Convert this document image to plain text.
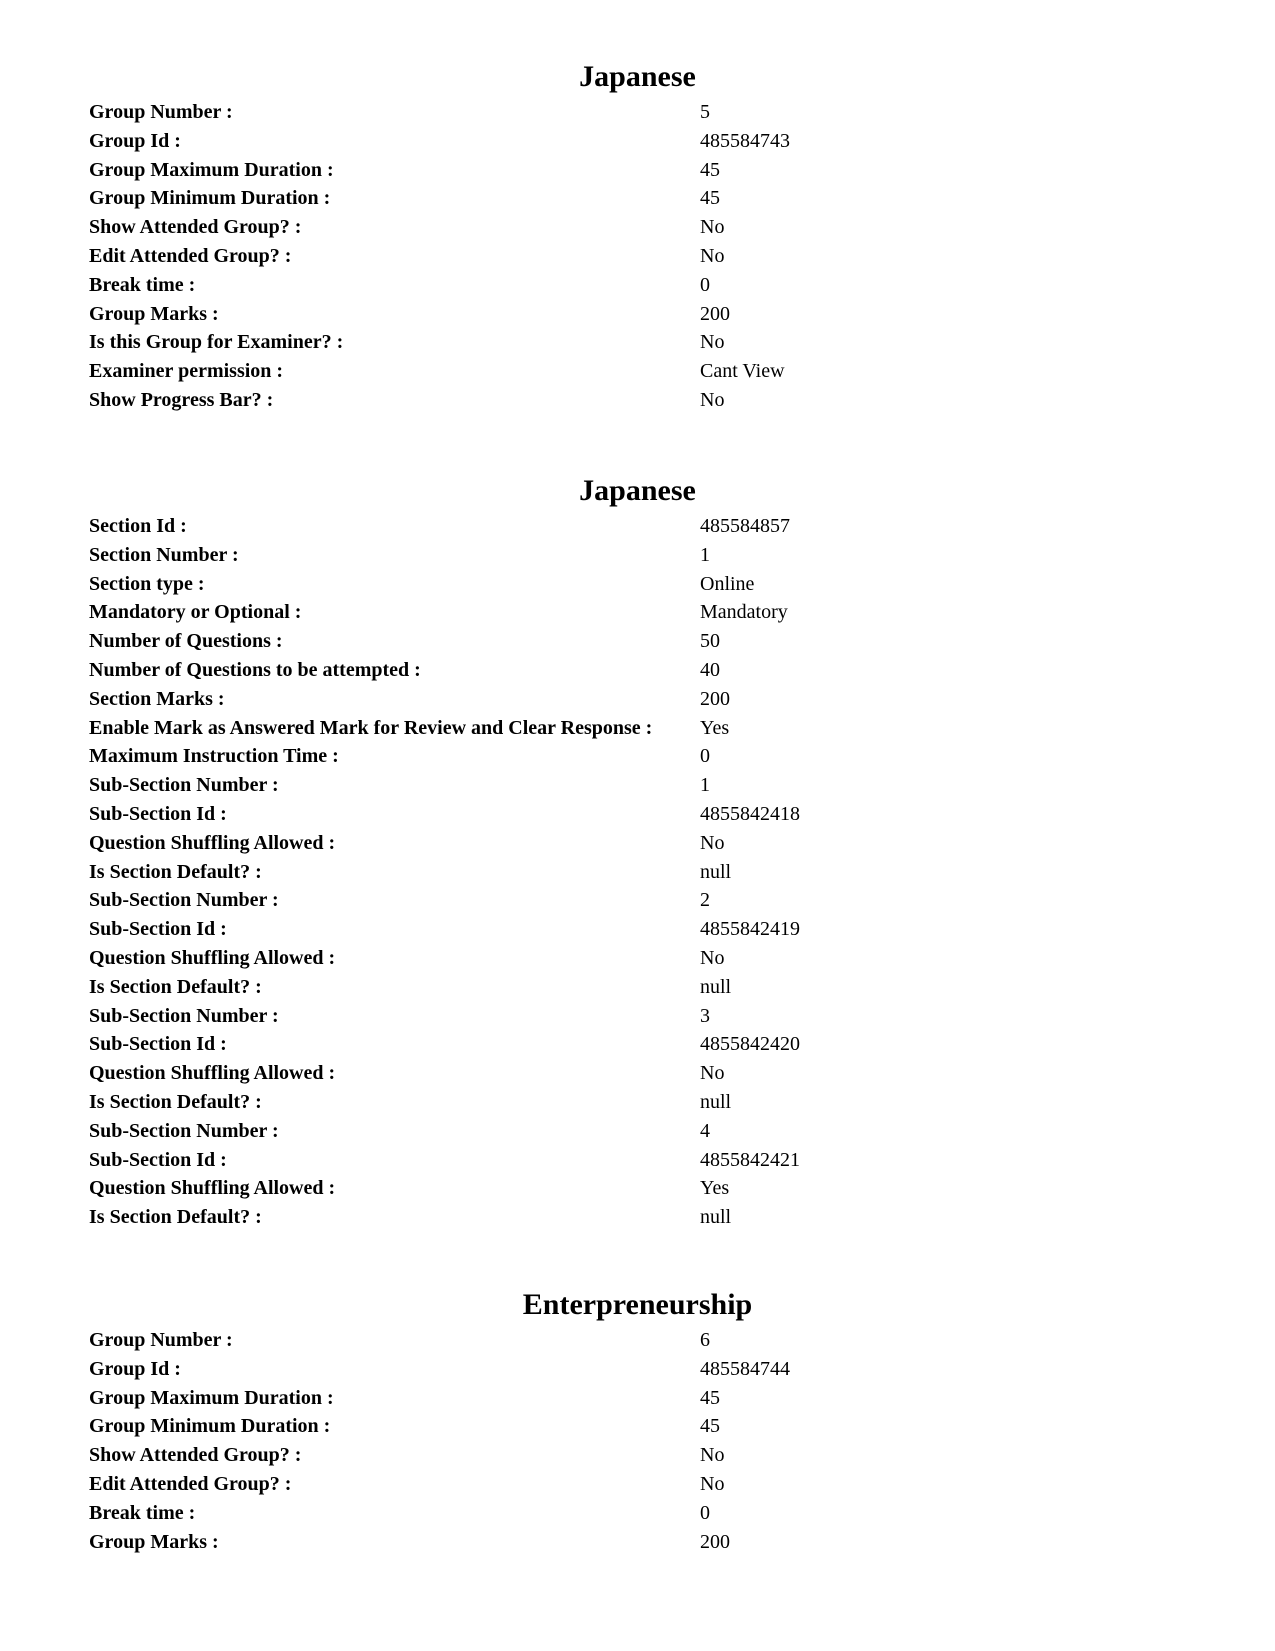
Japanese
Group Number :	5
Group Id :	485584743
Group Maximum Duration :	45
Group Minimum Duration :	45
Show Attended Group? :	No
Edit Attended Group? :	No
Break time :	0
Group Marks :	200
Is this Group for Examiner? :	No
Examiner permission :	Cant View
Show Progress Bar? :	No
Japanese
Section Id :	485584857
Section Number :	1
Section type :	Online
Mandatory or Optional :	Mandatory
Number of Questions :	50
Number of Questions to be attempted :	40
Section Marks :	200
Enable Mark as Answered Mark for Review and Clear Response : Yes
Maximum Instruction Time :	0
Sub-Section Number :	1
Sub-Section Id :	4855842418
Question Shuffling Allowed :	No
Is Section Default? :	null
Sub-Section Number :	2
Sub-Section Id :	4855842419
Question Shuffling Allowed :	No
Is Section Default? :	null
Sub-Section Number :	3
Sub-Section Id :	4855842420
Question Shuffling Allowed :	No
Is Section Default? :	null
Sub-Section Number :	4
Sub-Section Id :	4855842421
Question Shuffling Allowed :	Yes
Is Section Default? :	null
Enterpreneurship
Group Number :	6
Group Id :	485584744
Group Maximum Duration :	45
Group Minimum Duration :	45
Show Attended Group? :	No
Edit Attended Group? :	No
Break time :	0
Group Marks :	200
